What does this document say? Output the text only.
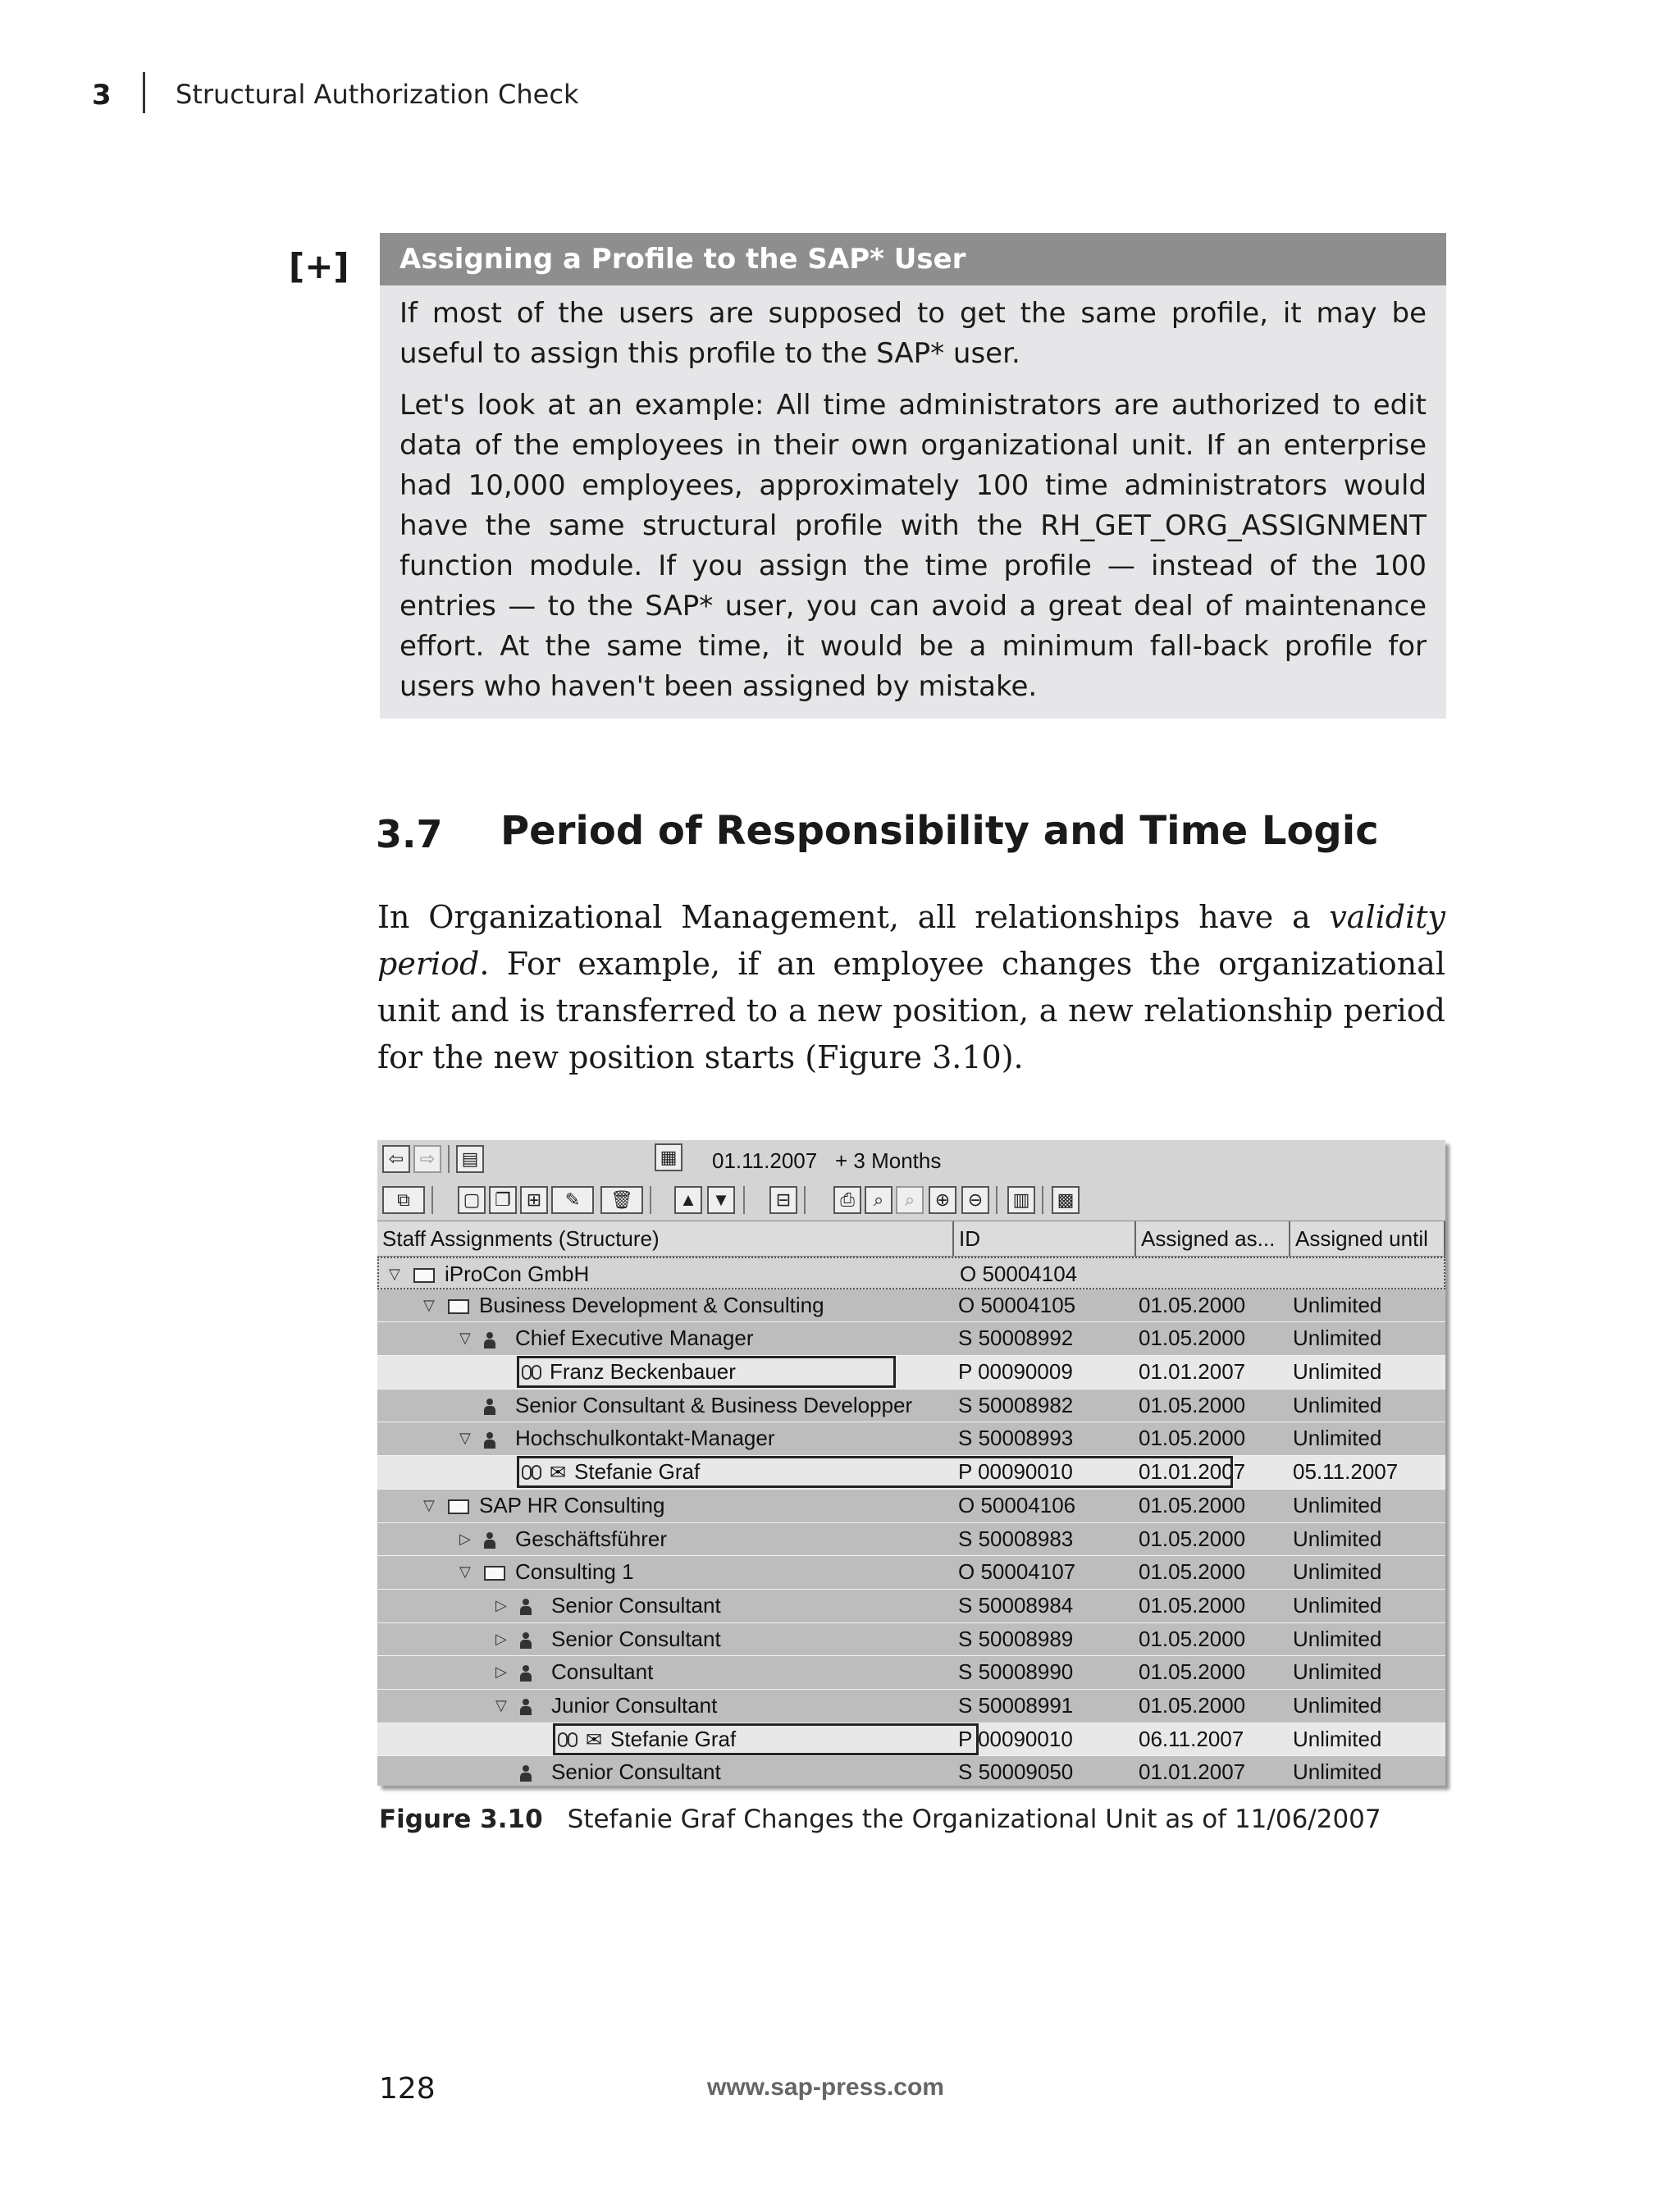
3 Structural Authorization Check
[+]	Assigning a Profile to the SAP* User

If most of the users are supposed to get the same profile, it may be useful to assign this profile to the SAP* user.

Let's look at an example: All time administrators are authorized to edit data of the employees in their own organizational unit. If an enterprise had 10,000 employees, approximately 100 time administrators would have the same structural profile with the RH_GET_ORG_ASSIGNMENT function module. If you assign the time profile — instead of the 100 entries — to the SAP* user, you can avoid a great deal of maintenance effort. At the same time, it would be a minimum fall-back profile for users who haven't been assigned by mistake.

3.7 Period of Responsibility and Time Logic

In Organizational Management, all relationships have a validity period. For example, if an employee changes the organizational unit and is transferred to a new position, a new relationship period for the new position starts (Figure 3.10).

⇦ ⇨	▤	▦ 01.11.2007 + 3 Months
⧉	▢ ❐ ⊞	✎	🗑	▲ ▼	⊟	⎙	⌕	⌕	⊕ ⊖	▥	▩
Staff Assignments (Structure)	ID	Assigned as... Assigned until
▽ iProCon GmbH	O 50004104
▽ Business Development & Consulting	O 50004105	01.05.2000 Unlimited
▽ Chief Executive Manager	S 50008992	01.05.2000 Unlimited
Franz Beckenbauer	P 00090009	01.01.2007 Unlimited
Senior Consultant & Business Developper S 50008982	01.05.2000 Unlimited
▽ Hochschulkontakt-Manager	S 50008993	01.05.2000 Unlimited
✉ Stefanie Graf	P 00090010	01.01.2007 05.11.2007
▽ SAP HR Consulting	O 50004106	01.05.2000 Unlimited
▷ Geschäftsführer	S 50008983	01.05.2000 Unlimited
▽ Consulting 1	O 50004107	01.05.2000 Unlimited
▷ Senior Consultant	S 50008984	01.05.2000 Unlimited
▷ Senior Consultant	S 50008989	01.05.2000 Unlimited
▷ Consultant	S 50008990	01.05.2000 Unlimited
▽ Junior Consultant	S 50008991	01.05.2000 Unlimited
✉ Stefanie Graf	P 00090010	06.11.2007 Unlimited
Senior Consultant	S 50009050	01.01.2007 Unlimited
Figure 3.10 Stefanie Graf Changes the Organizational Unit as of 11/06/2007
128	www.sap-press.com
